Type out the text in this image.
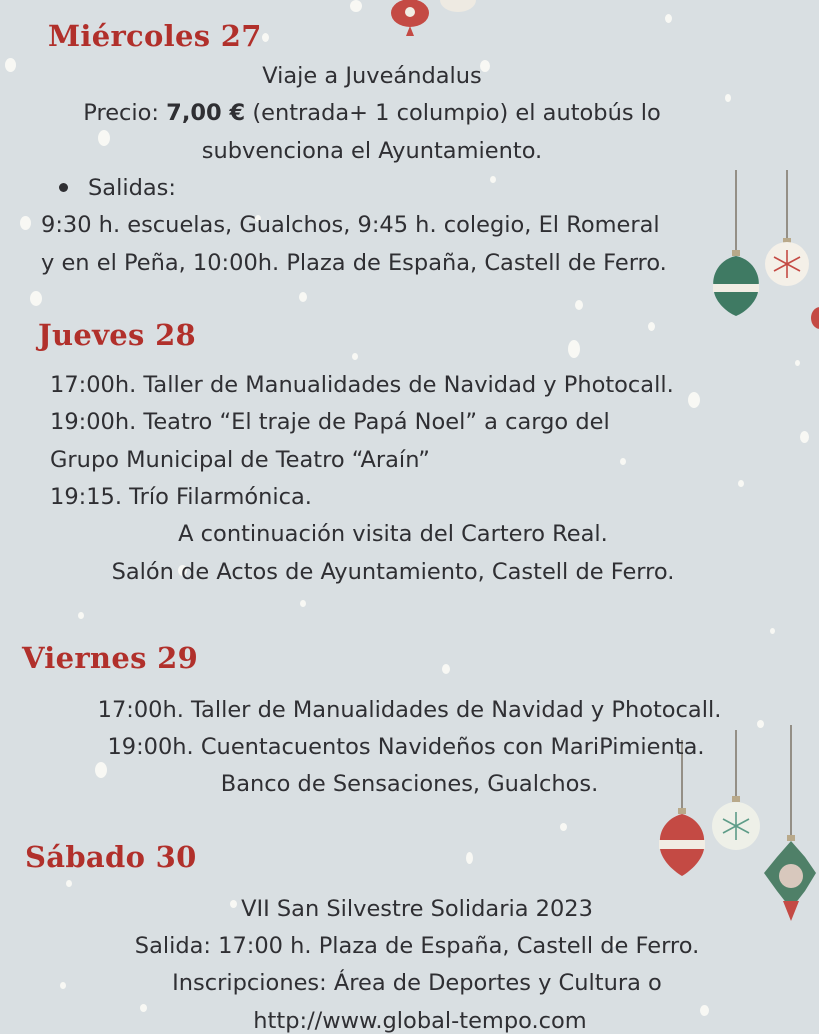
Miércoles 27
Viaje a Juveándalus
Precio: 7,00 € (entrada+ 1 columpio) el autobús lo
subvenciona el Ayuntamiento.
Salidas:
9:30 h. escuelas, Gualchos, 9:45 h. colegio, El Romeral
y en el Peña, 10:00h. Plaza de España, Castell de Ferro.
Jueves 28
17:00h. Taller de Manualidades de Navidad y Photocall.
19:00h. Teatro “El traje de Papá Noel” a cargo del
Grupo Municipal de Teatro “Araín”
19:15. Trío Filarmónica.
A continuación visita del Cartero Real.
Salón de Actos de Ayuntamiento, Castell de Ferro.
Viernes 29
17:00h. Taller de Manualidades de Navidad y Photocall.
19:00h. Cuentacuentos Navideños con MariPimienta.
Banco de Sensaciones, Gualchos.
Sábado 30
VII San Silvestre Solidaria 2023
Salida: 17:00 h. Plaza de España, Castell de Ferro.
Inscripciones: Área de Deportes y Cultura o
http://www.global-tempo.com
